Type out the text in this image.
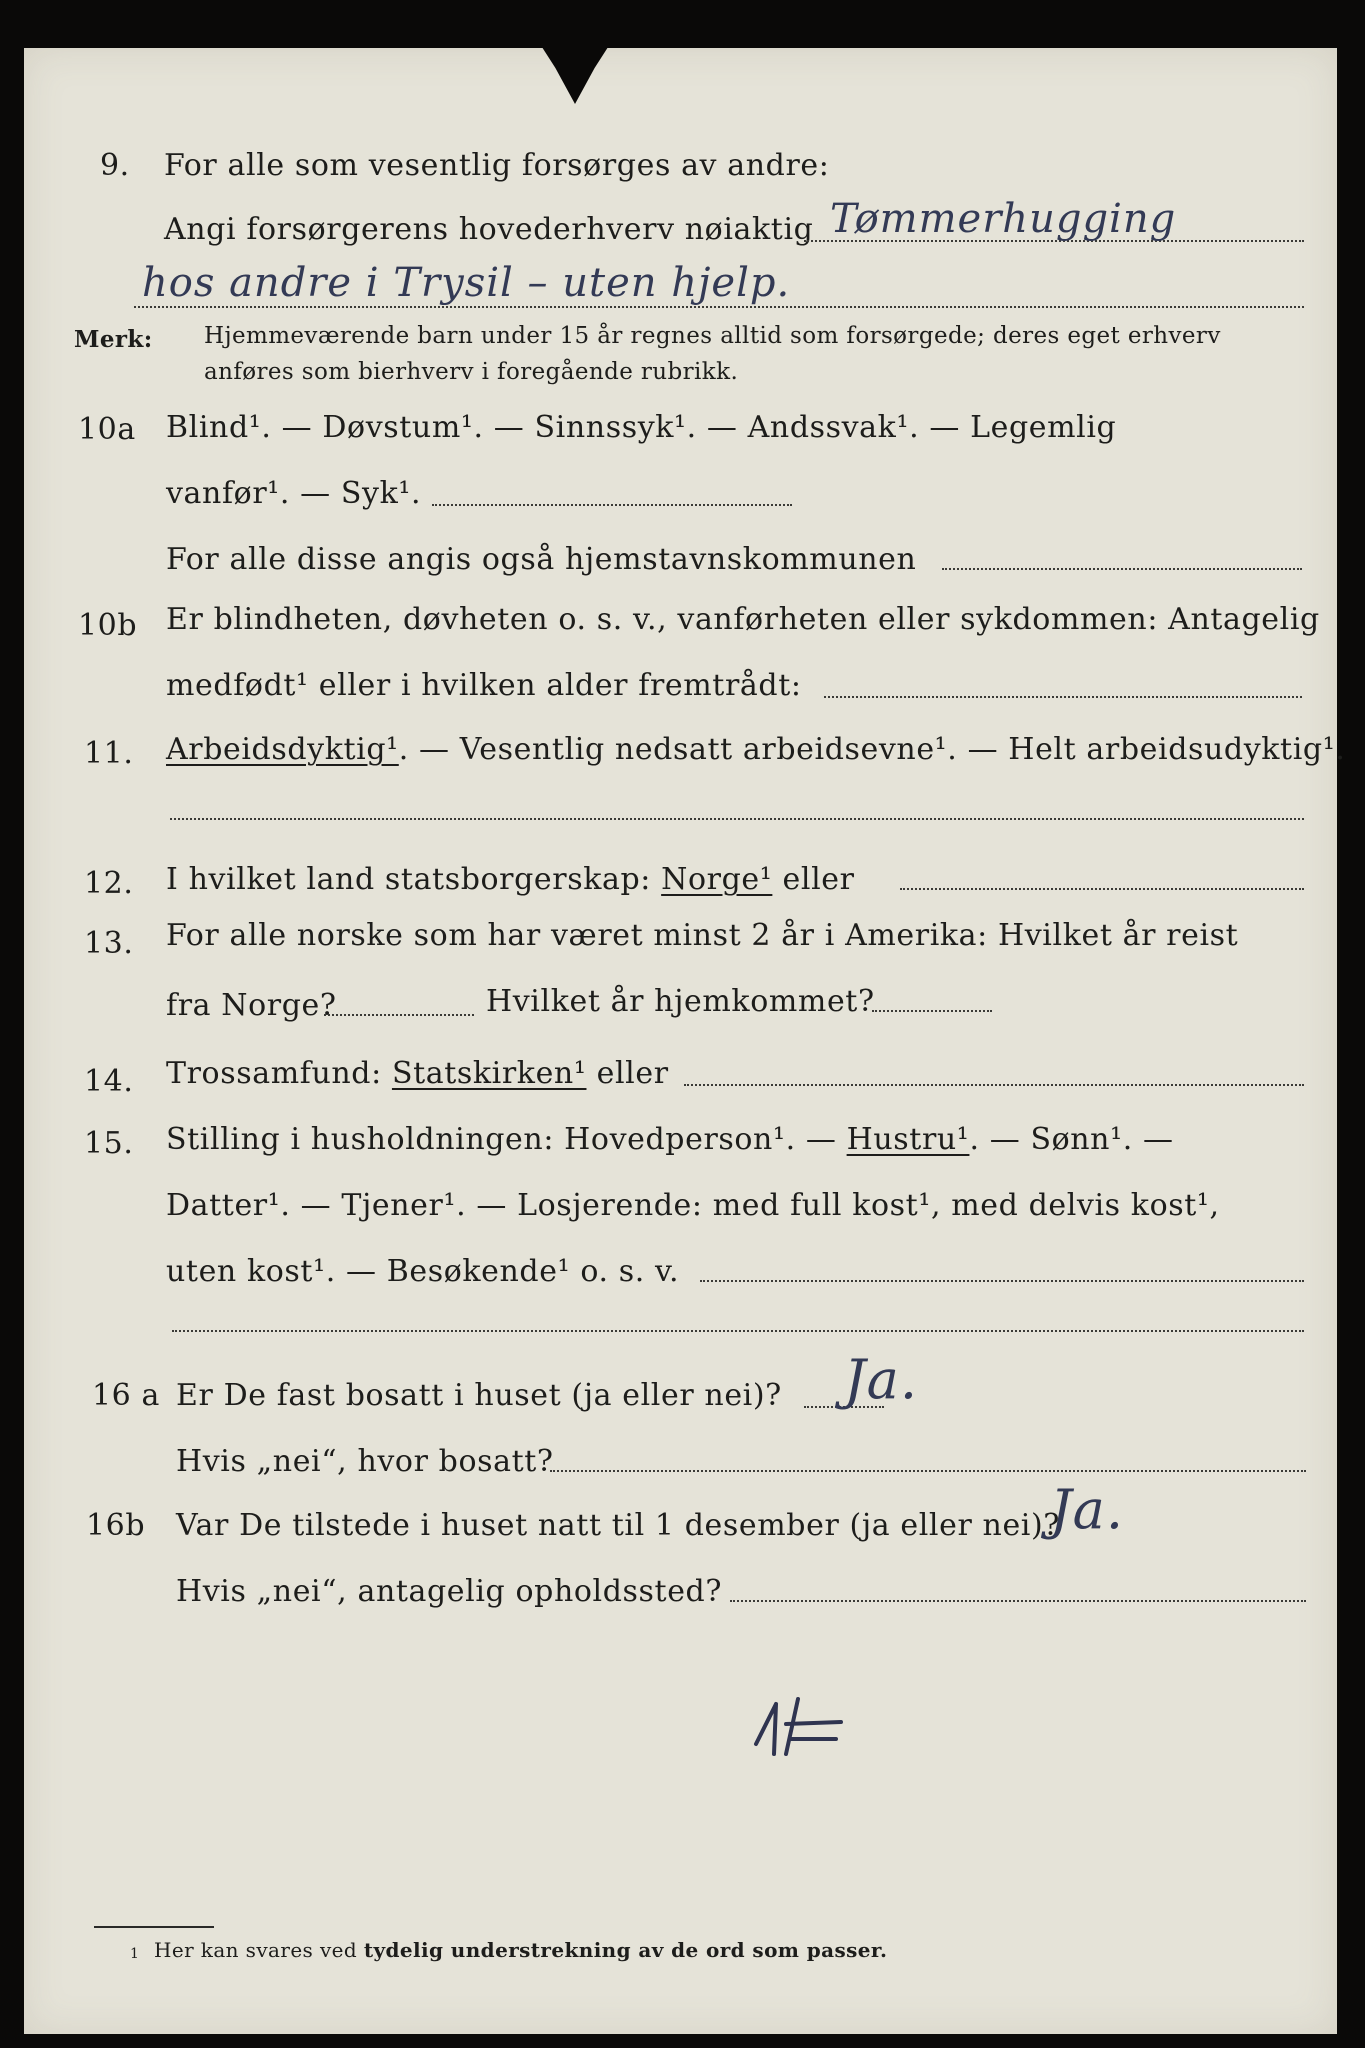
9. For alle som vesentlig forsørges av andre:
Angi forsørgerens hovederhverv nøiaktig Tømmerhugging
hos andre i Trysil – uten hjelp.
Merk: Hjemmeværende barn under 15 år regnes alltid som forsørgede; deres eget erhverv
anføres som bierhverv i foregående rubrikk.
10a Blind¹. — Døvstum¹. — Sinnssyk¹. — Andssvak¹. — Legemlig
vanfør¹. — Syk¹.
For alle disse angis også hjemstavnskommunen
10b Er blindheten, døvheten o. s. v., vanførheten eller sykdommen: Antagelig
medfødt¹ eller i hvilken alder fremtrådt:
11. Arbeidsdyktig¹. — Vesentlig nedsatt arbeidsevne¹. — Helt arbeidsudyktig¹.
12. I hvilket land statsborgerskap: Norge¹ eller
13. For alle norske som har været minst 2 år i Amerika: Hvilket år reist
fra Norge?	Hvilket år hjemkommet?
14. Trossamfund: Statskirken¹ eller
15. Stilling i husholdningen: Hovedperson¹. — Hustru¹. — Sønn¹. —
Datter¹. — Tjener¹. — Losjerende: med full kost¹, med delvis kost¹,
uten kost¹. — Besøkende¹ o. s. v.
16 a Er De fast bosatt i huset (ja eller nei)? Ja.
Hvis „nei“, hvor bosatt?
16b Var De tilstede i huset natt til 1 desember (ja eller nei)?
Ja.
Hvis „nei“, antagelig opholdssted?
1 Her kan svares ved tydelig understrekning av de ord som passer.
